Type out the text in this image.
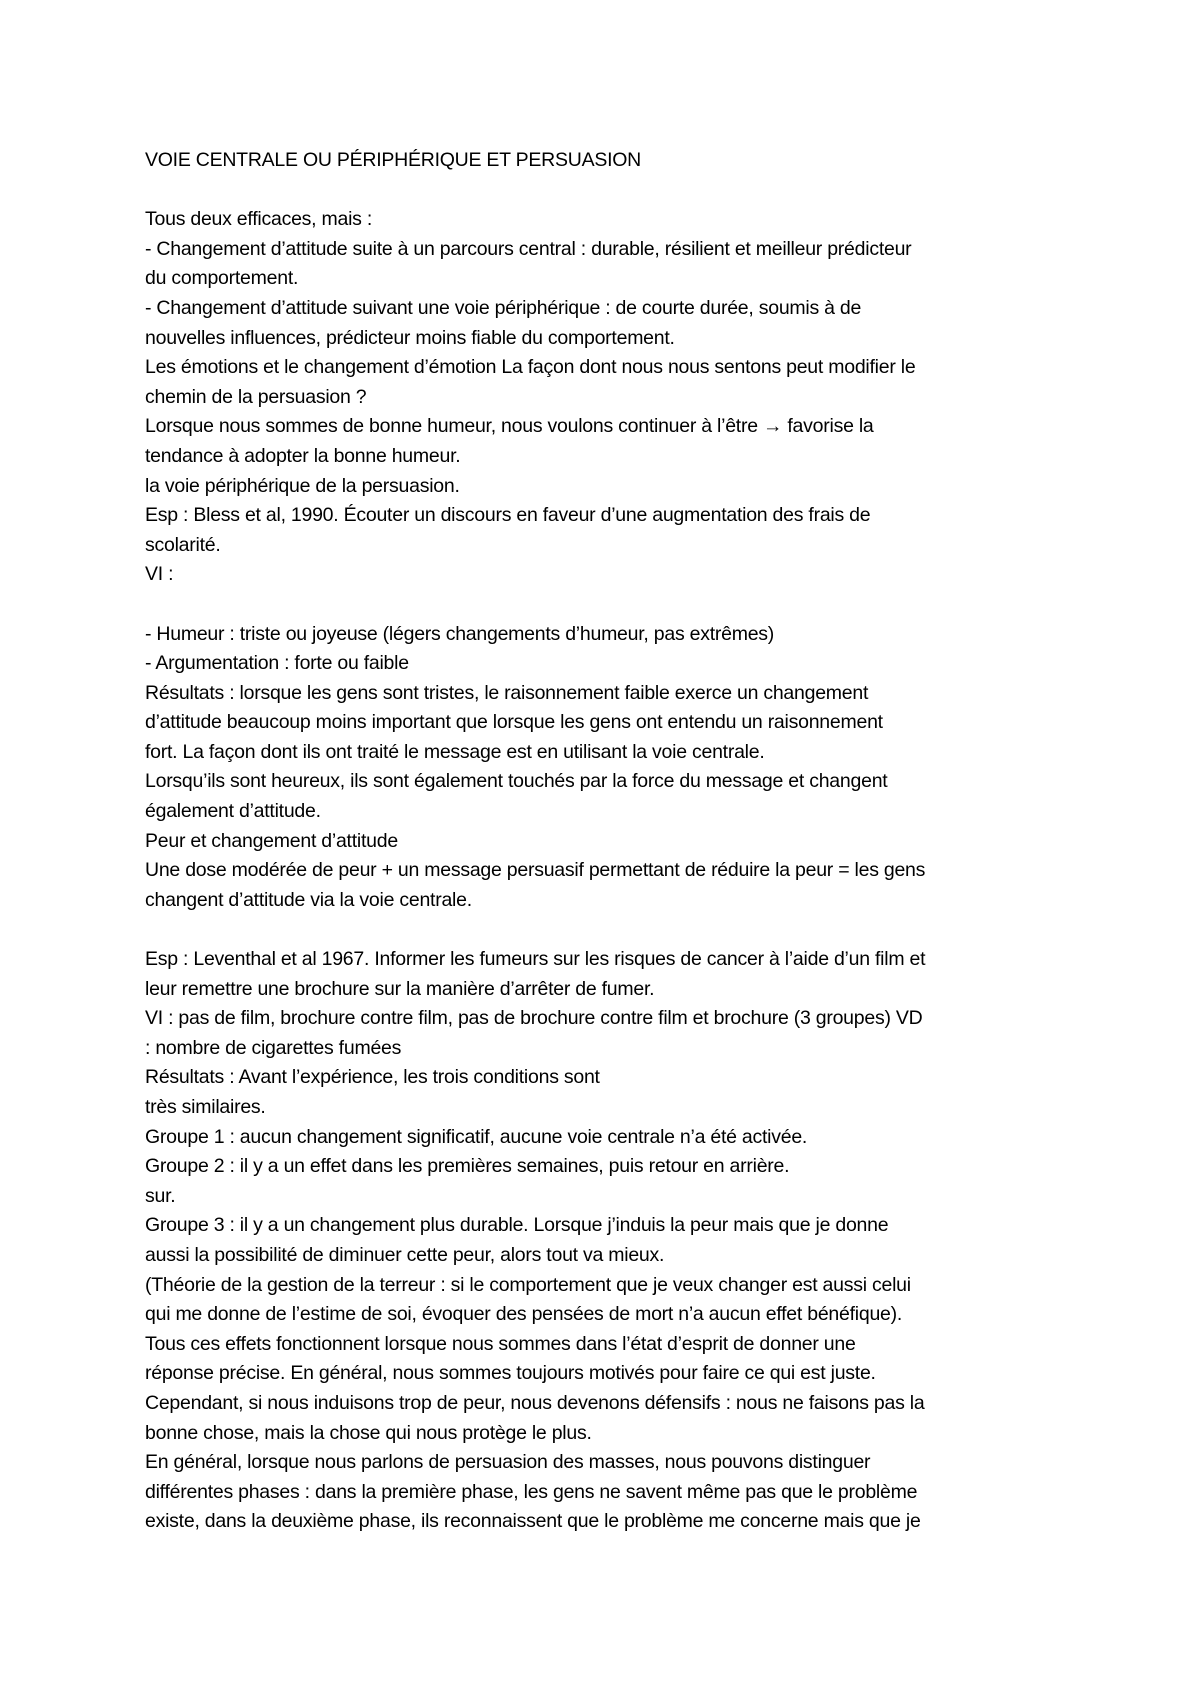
VOIE CENTRALE OU PÉRIPHÉRIQUE ET PERSUASION
Tous deux efficaces, mais :
- Changement d’attitude suite à un parcours central : durable, résilient et meilleur prédicteur
du comportement.
- Changement d’attitude suivant une voie périphérique : de courte durée, soumis à de
nouvelles influences, prédicteur moins fiable du comportement.
Les émotions et le changement d’émotion La façon dont nous nous sentons peut modifier le
chemin de la persuasion ?
Lorsque nous sommes de bonne humeur, nous voulons continuer à l’être → favorise la
tendance à adopter la bonne humeur.
la voie périphérique de la persuasion.
Esp : Bless et al, 1990. Écouter un discours en faveur d’une augmentation des frais de
scolarité.
VI :
- Humeur : triste ou joyeuse (légers changements d’humeur, pas extrêmes)
- Argumentation : forte ou faible
Résultats : lorsque les gens sont tristes, le raisonnement faible exerce un changement
d’attitude beaucoup moins important que lorsque les gens ont entendu un raisonnement
fort. La façon dont ils ont traité le message est en utilisant la voie centrale.
Lorsqu’ils sont heureux, ils sont également touchés par la force du message et changent
également d’attitude.
Peur et changement d’attitude
Une dose modérée de peur + un message persuasif permettant de réduire la peur = les gens
changent d’attitude via la voie centrale.
Esp : Leventhal et al 1967. Informer les fumeurs sur les risques de cancer à l’aide d’un film et
leur remettre une brochure sur la manière d’arrêter de fumer.
VI : pas de film, brochure contre film, pas de brochure contre film et brochure (3 groupes) VD
: nombre de cigarettes fumées
Résultats : Avant l’expérience, les trois conditions sont
très similaires.
Groupe 1 : aucun changement significatif, aucune voie centrale n’a été activée.
Groupe 2 : il y a un effet dans les premières semaines, puis retour en arrière.
sur.
Groupe 3 : il y a un changement plus durable. Lorsque j’induis la peur mais que je donne
aussi la possibilité de diminuer cette peur, alors tout va mieux.
(Théorie de la gestion de la terreur : si le comportement que je veux changer est aussi celui
qui me donne de l’estime de soi, évoquer des pensées de mort n’a aucun effet bénéfique).
Tous ces effets fonctionnent lorsque nous sommes dans l’état d’esprit de donner une
réponse précise. En général, nous sommes toujours motivés pour faire ce qui est juste.
Cependant, si nous induisons trop de peur, nous devenons défensifs : nous ne faisons pas la
bonne chose, mais la chose qui nous protège le plus.
En général, lorsque nous parlons de persuasion des masses, nous pouvons distinguer
différentes phases : dans la première phase, les gens ne savent même pas que le problème
existe, dans la deuxième phase, ils reconnaissent que le problème me concerne mais que je
